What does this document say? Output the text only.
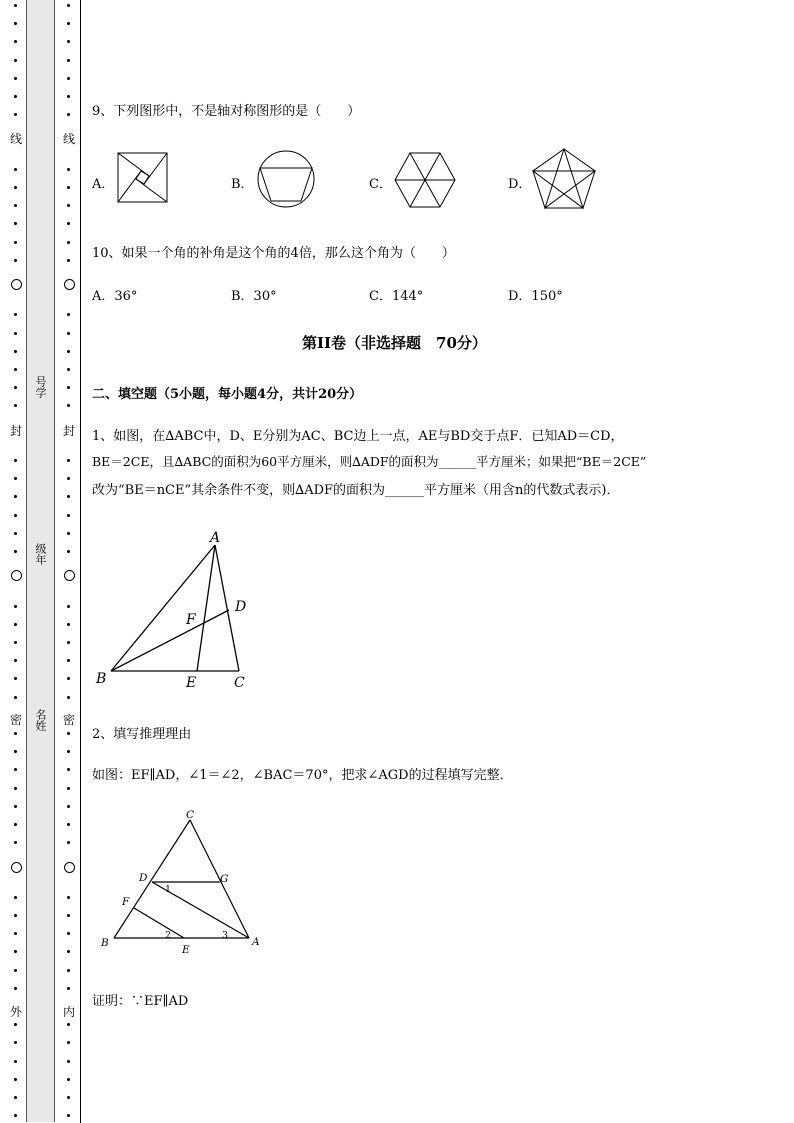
线
封
密
外
线
封
密
内
号学
级年
名姓
9、下列图形中，不是轴对称图形的是（　　）
A．	B．	C．	D．
10、如果一个角的补角是这个角的4倍，那么这个角为（　　）
A．36°	B．30°	C．144°	D．150°
第II卷（非选择题　70分）
二、填空题（5小题，每小题4分，共计20分）
1、如图，在∆ABC中，D、E分别为AC、BC边上一点，AE与BD交于点F．已知AD＝CD，
BE＝2CE，且∆ABC的面积为60平方厘米，则∆ADF的面积为______平方厘米；如果把“BE＝2CE”
改为“BE＝nCE”其余条件不变，则∆ADF的面积为______平方厘米（用含n的代数式表示)．
A
D
F
B	E	C
2、填写推理理由
如图：EF∥AD，∠1＝∠2，∠BAC＝70°，把求∠AGD的过程填写完整．
C
D	G
F
B
E
A
1
2	3
证明：∵EF∥AD
